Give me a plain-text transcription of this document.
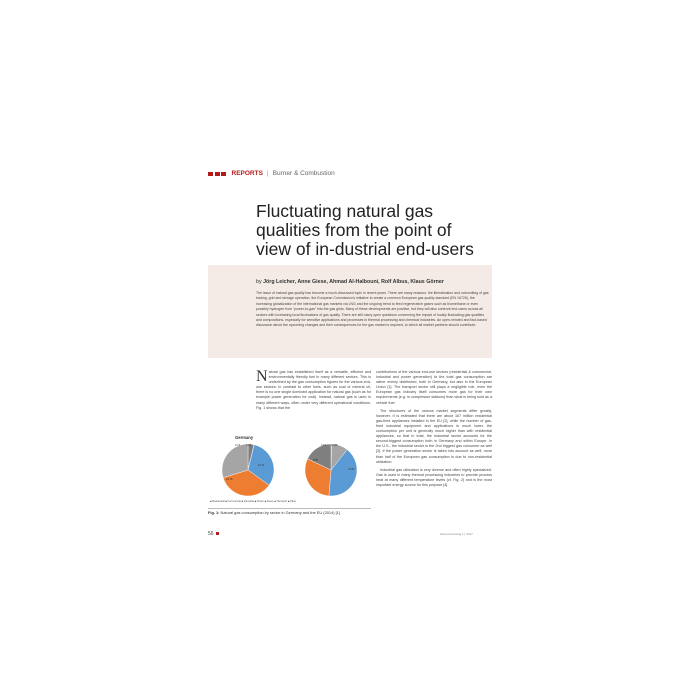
REPORTS | Burner & Combustion
Fluctuating natural gas qualities from the point of view of in-dustrial end-users
by Jörg Leicher, Anne Giese, Ahmad Al-Halbouni, Rolf Albus, Klaus Görner

The issue of natural gas quality has become a much-discussed topic in recent years. There are many reasons: the liberalization and unbundling of gas trading, grid and storage operation, the European Commission's initiative to create a common European gas quality standard (EN 16726), the increasing globalization of the international gas markets via LNG and the ongoing trend to feed regenerative gases such as biomethane or even possibly hydrogen from "power-to-gas" into the gas grids. Many of these developments are positive, but they will also confront end-users across all sectors with increasing local fluctuations of gas quality. There are still many open questions concerning the impact of locally fluctuating gas qualities and compositions, especially for sensitive applications and processes in thermal processing and chemical industries. An open-minded and fact-based discussion about the upcoming changes and their consequences for the gas market is required, to which all market partners should contribute.

Natural gas has established itself as a versatile, efficient and environmentally friendly fuel in many different sectors. This is underlined by the gas consumption figures for the various end-use sectors: in contrast to other fuels, such as coal or mineral oil, there is no one single dominant application for natural gas (such as for example power generation for coal). Instead, natural gas is used in many different ways, often under very different operational conditions. Fig. 1 shows that the

contributions of the various end-use sectors (residential & commercial, industrial and power generation) to the total gas consumption are rather evenly distributed, both in Germany, but also in the European Union [1]. The transport sector still plays a negligible role, even the European gas industry itself consumes more gas for their own requirements (e.g. in compressor stations) than what is being sold as a vehicle fuel.

The structures of the various market segments differ greatly, however. It is estimated that there are about 167 million residential gas-fired appliances installed in the EU [2], while the number of gas-fired industrial equipment and applications is much lower, the consumption per unit is generally much higher than with residential appliances, so that in total, the industrial sector accounts for the second-biggest consumption both in Germany and within Europe. In the U.S., the industrial sector is the 2nd biggest gas consumer as well [3]. If the power generation sector is taken into account as well, more than half of the European gas consumption is due to non-residential utilization.

Industrial gas utilization is very diverse and often highly specialized. Gas is used in many thermal processing industries to provide process heat at many different temperature levels (cf. Fig. 2) and is the most important energy source for this purpose [4].

Germany
3.74 0.09
31.11
29.78
0.01 0.298
8.55
14.81
■ Residential ■ Commercial ■ Industrial ■ Power ■ Fleets ■ Transport ■ Other
Fig. 1: Natural gas consumption by sector in Germany and the EU (2014) [1]
56	heat processing 1 | 2017
